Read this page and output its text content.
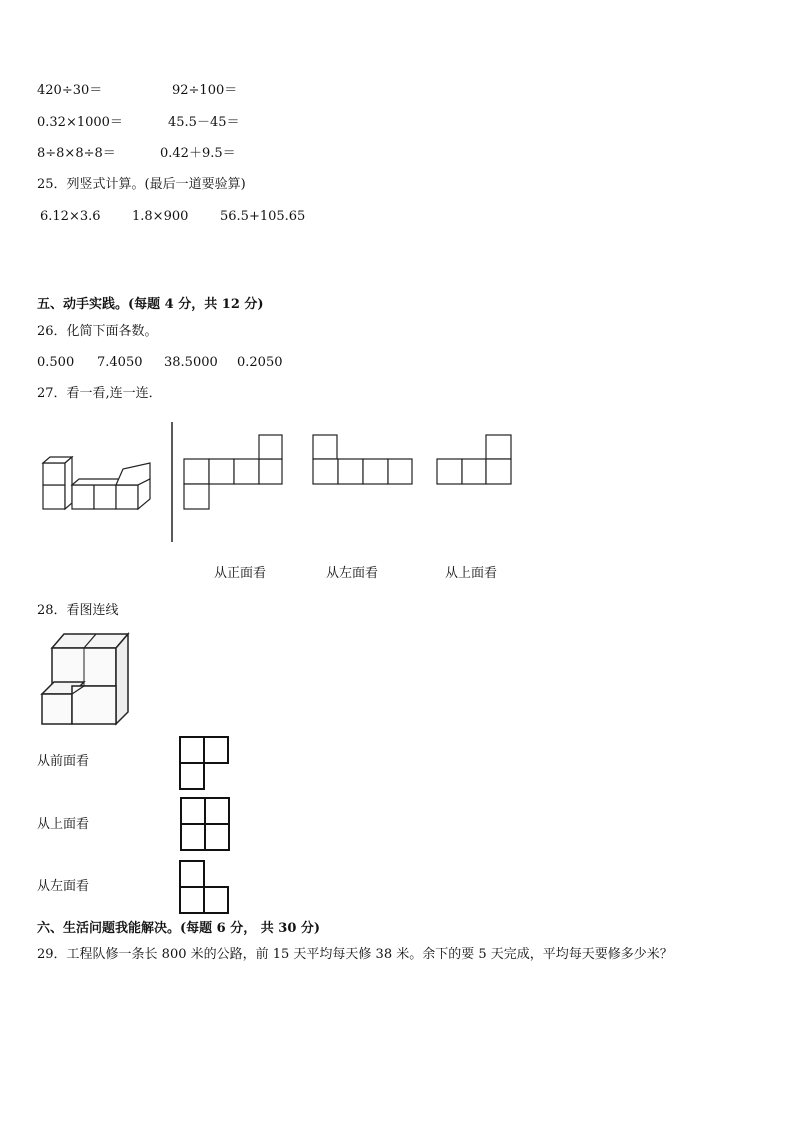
420÷30＝	92÷100＝
0.32×1000＝	45.5－45＝
8÷8×8÷8＝	0.42＋9.5＝
25．列竖式计算。(最后一道要验算)
6.12×3.6 1.8×900 56.5+105.65
五、动手实践。(每题 4 分，共 12 分)
26．化简下面各数。
0.500 7.4050 38.5000 0.2050
27．看一看,连一连．
从正面看	从左面看	从上面看
28．看图连线
从前面看
从上面看
从左面看
六、生活问题我能解决。(每题 6 分， 共 30 分)
29．工程队修一条长 800 米的公路，前 15 天平均每天修 38 米。余下的要 5 天完成，平均每天要修多少米？
